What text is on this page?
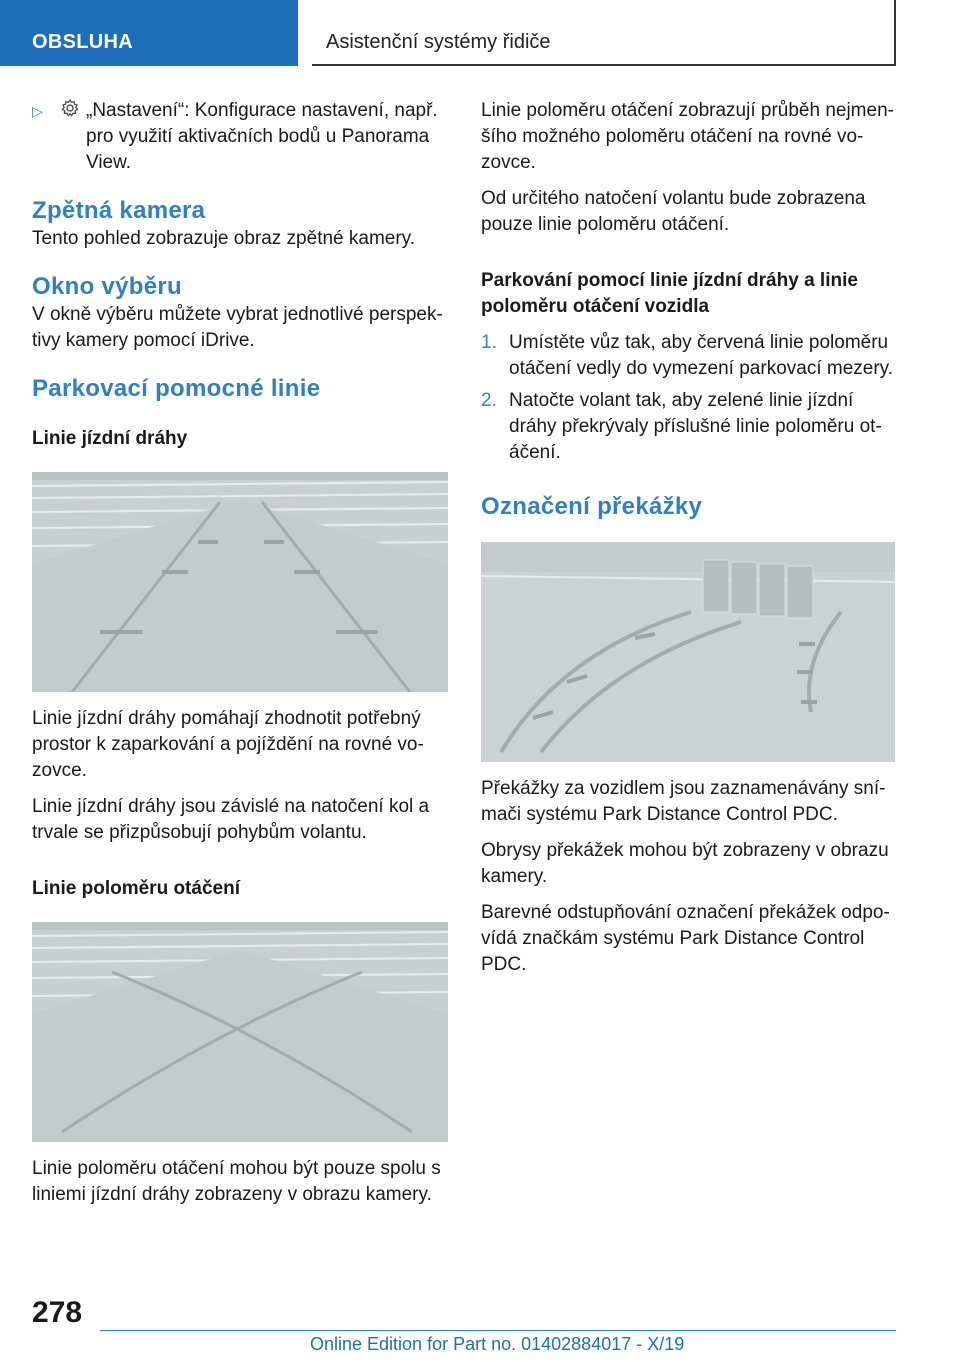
OBSLUHA	Asistenční systémy řidiče
▷	„Nastavení“: Konfigurace nastavení, např. pro využití aktivačních bodů u Panorama View.
Zpětná kamera

Tento pohled zobrazuje obraz zpětné kamery.

Okno výběru

V okně výběru můžete vybrat jednotlivé perspek‐tivy kamery pomocí iDrive.

Parkovací pomocné linie
Linie jízdní dráhy

Linie jízdní dráhy pomáhají zhodnotit potřebný prostor k zaparkování a pojíždění na rovné vo‐zovce.

Linie jízdní dráhy jsou závislé na natočení kol a trvale se přizpůsobují pohybům volantu.

Linie poloměru otáčení

Linie poloměru otáčení mohou být pouze spolu s liniemi jízdní dráhy zobrazeny v obrazu kamery.

Linie poloměru otáčení zobrazují průběh nejmen‐šího možného poloměru otáčení na rovné vo‐zovce.

Od určitého natočení volantu bude zobrazena pouze linie poloměru otáčení.

Parkování pomocí linie jízdní dráhy a linie poloměru otáčení vozidla
1. Umístěte vůz tak, aby červená linie poloměru otáčení vedly do vymezení parkovací mezery.
2. Natočte volant tak, aby zelené linie jízdní dráhy překrývaly příslušné linie poloměru ot‐áčení.
Označení překážky

Překážky za vozidlem jsou zaznamenávány sní‐mači systému Park Distance Control PDC.

Obrysy překážek mohou být zobrazeny v obrazu kamery.

Barevné odstupňování označení překážek odpo‐vídá značkám systému Park Distance Control PDC.

278
Online Edition for Part no. 01402884017 - X/19
